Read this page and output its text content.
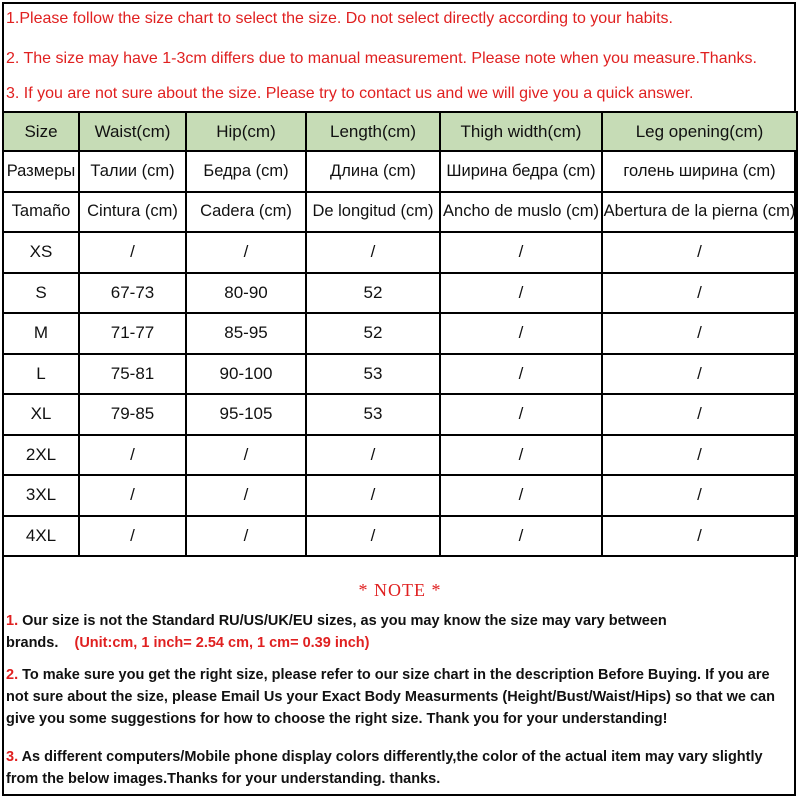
1.Please follow the size chart to select the size. Do not select directly according to your habits.
2. The size may have 1-3cm differs due to manual measurement. Please note when you measure.Thanks.
3. If you are not sure about the size. Please try to contact us and we will give you a quick answer.
Size	Waist(cm)	Hip(cm)	Length(cm)	Thigh width(cm)	Leg opening(cm)
Размеры	Талии (cm)	Бедра (cm)	Длина (cm)	Ширина бедра (cm)	голень ширина (cm)
Tamaño	Cintura (cm)	Cadera (cm)	De longitud (cm)	Ancho de muslo (cm)	Abertura de la pierna (cm)
XS	/	/	/	/	/
S	67-73	80-90	52	/	/
M	71-77	85-95	52	/	/
L	75-81	90-100	53	/	/
XL	79-85	95-105	53	/	/
2XL	/	/	/	/	/
3XL	/	/	/	/	/
4XL	/	/	/	/	/
* NOTE *
1. Our size is not the Standard RU/US/UK/EU sizes, as you may know the size may vary between brands. (Unit:cm, 1 inch= 2.54 cm, 1 cm= 0.39 inch)
2. To make sure you get the right size, please refer to our size chart in the description Before Buying. If you are not sure about the size, please Email Us your Exact Body Measurments (Height/Bust/Waist/Hips) so that we can give you some suggestions for how to choose the right size. Thank you for your understanding!
3. As different computers/Mobile phone display colors differently,the color of the actual item may vary slightly from the below images.Thanks for your understanding. thanks.
